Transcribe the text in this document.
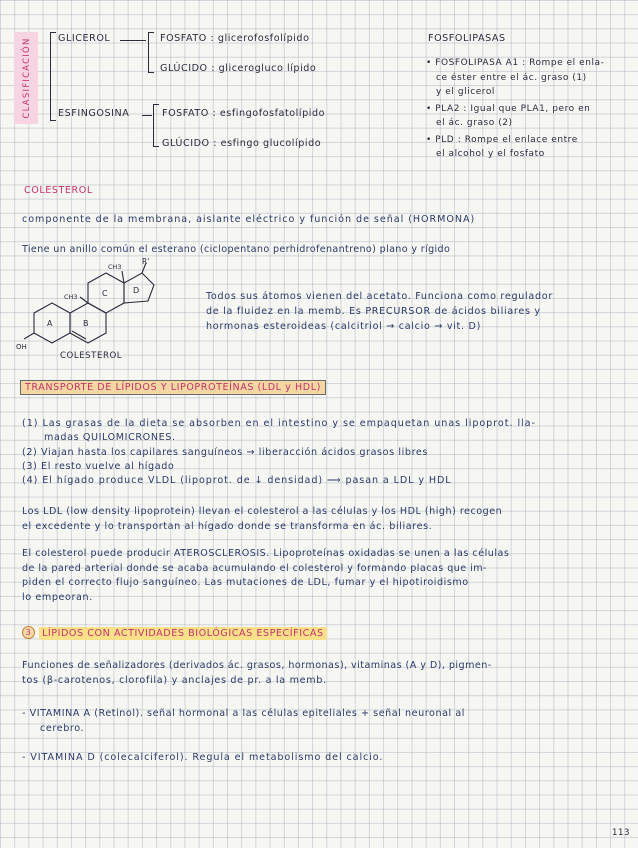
CLASIFICACIÓN	GLICEROL	FOSFATO : glicerofosfolípido
GLÚCIDO : glicerogluco lípido
ESFINGOSINA	FOSFATO : esfingofosfatolípido
GLÚCIDO : esfingo glucolípido
FOSFOLIPASAS
• FOSFOLIPASA A1 : Rompe el enla-
ce éster entre el ác. graso (1)
y el glicerol
• PLA2 : Igual que PLA1, pero en
el ác. graso (2)
• PLD : Rompe el enlace entre
el alcohol y el fosfato
COLESTEROL
componente de la membrana, aislante eléctrico y función de señal (HORMONA)
Tiene un anillo común el esterano (ciclopentano perhidrofenantreno) plano y rígido
A	B
C	D
CH3
CH3
R'
OH
COLESTEROL
Todos sus átomos vienen del acetato. Funciona como regulador
de la fluidez en la memb. Es PRECURSOR de ácidos biliares y
hormonas esteroideas (calcitriol → calcio → vit. D)
TRANSPORTE DE LÍPIDOS Y LIPOPROTEÍNAS (LDL y HDL)
(1) Las grasas de la dieta se absorben en el intestino y se empaquetan unas lipoprot. lla-
madas QUILOMICRONES.
(2) Viajan hasta los capilares sanguíneos → liberacción ácidos grasos libres
(3) El resto vuelve al hígado
(4) El hígado produce VLDL (lipoprot. de ↓ densidad) ⟹ pasan a LDL y HDL
Los LDL (low density lipoprotein) llevan el colesterol a las células y los HDL (high) recogen
el excedente y lo transportan al hígado donde se transforma en ác. biliares.
El colesterol puede producir ATEROSCLEROSIS. Lipoproteínas oxidadas se unen a las células
de la pared arterial donde se acaba acumulando el colesterol y formando placas que im-
piden el correcto flujo sanguíneo. Las mutaciones de LDL, fumar y el hipotiroidismo
lo empeoran.
3 LÍPIDOS CON ACTIVIDADES BIOLÓGICAS ESPECÍFICAS
Funciones de señalizadores (derivados ác. grasos, hormonas), vitaminas (A y D), pigmen-
tos (β-carotenos, clorofila) y anclajes de pr. a la memb.
- VITAMINA A (Retinol). señal hormonal a las células epiteliales + señal neuronal al
cerebro.
- VITAMINA D (colecalciferol). Regula el metabolismo del calcio.
113
